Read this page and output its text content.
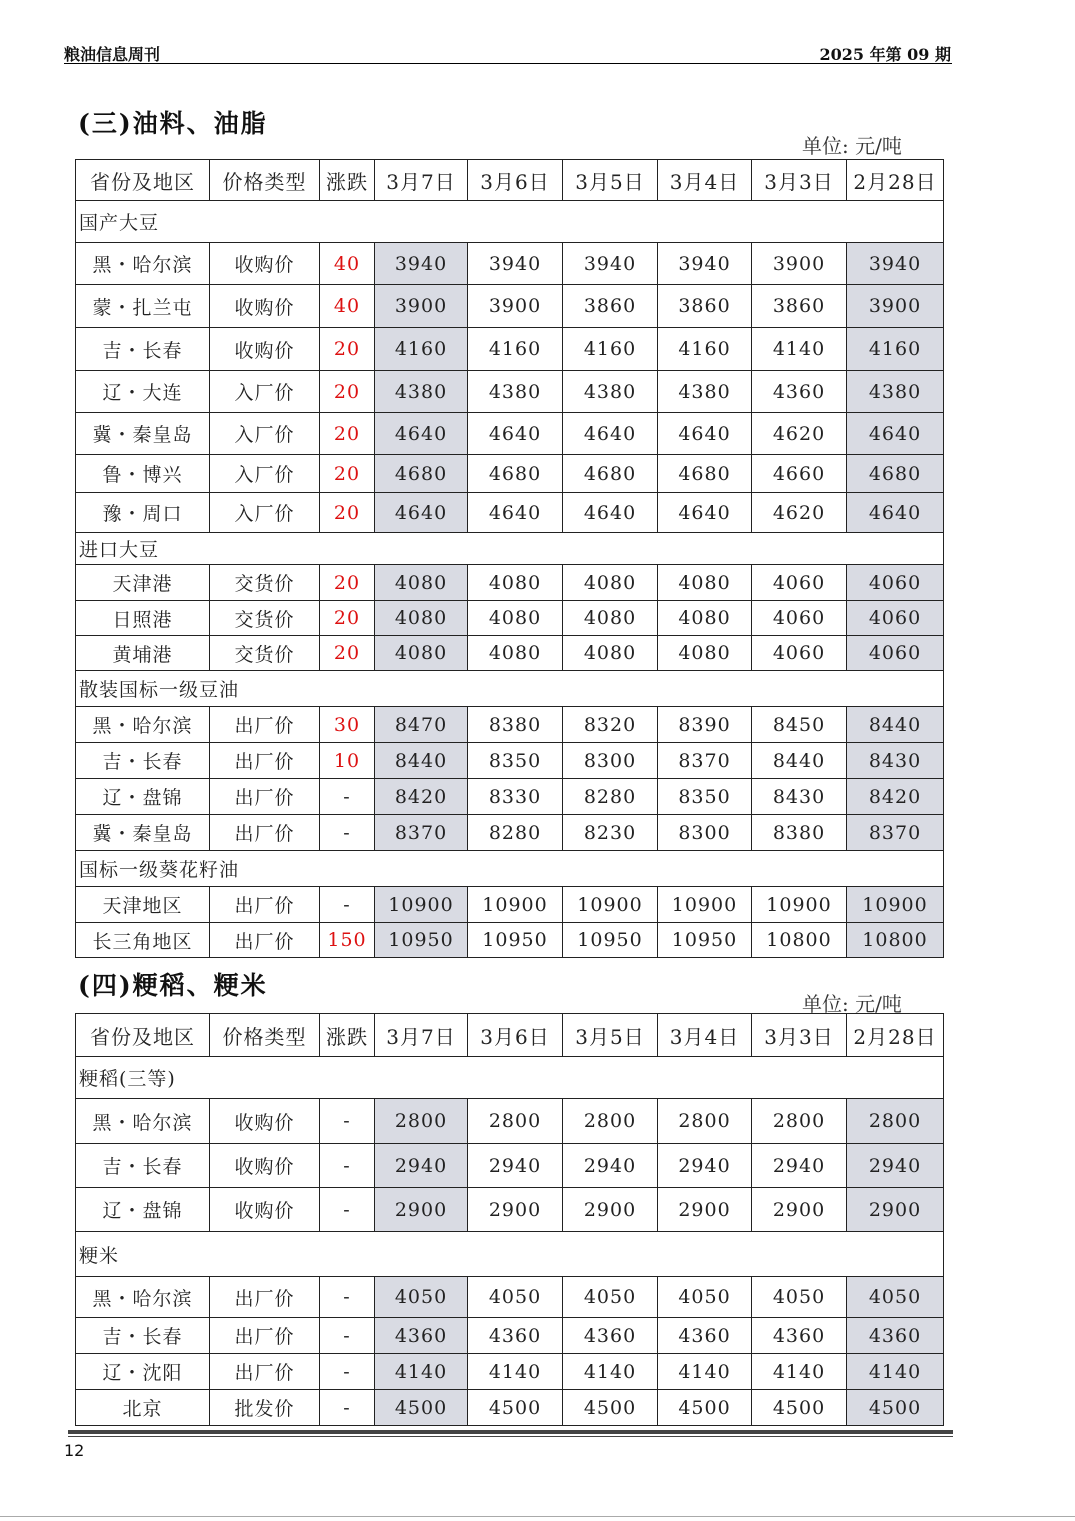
粮油信息周刊	2025 年第 09 期
(三)油料、油脂
单位: 元/吨
省份及地区	价格类型	涨跌	3月7日	3月6日	3月5日	3月4日	3月3日	2月28日
国产大豆								
黑・哈尔滨	收购价	40	3940	3940	3940	3940	3900	3940
蒙・扎兰屯	收购价	40	3900	3900	3860	3860	3860	3900
吉・长春	收购价	20	4160	4160	4160	4160	4140	4160
辽・大连	入厂价	20	4380	4380	4380	4380	4360	4380
冀・秦皇岛	入厂价	20	4640	4640	4640	4640	4620	4640
鲁・博兴	入厂价	20	4680	4680	4680	4680	4660	4680
豫・周口	入厂价	20	4640	4640	4640	4640	4620	4640
进口大豆								
天津港	交货价	20	4080	4080	4080	4080	4060	4060
日照港	交货价	20	4080	4080	4080	4080	4060	4060
黄埔港	交货价	20	4080	4080	4080	4080	4060	4060
散装国标一级豆油								
黑・哈尔滨	出厂价	30	8470	8380	8320	8390	8450	8440
吉・长春	出厂价	10	8440	8350	8300	8370	8440	8430
辽・盘锦	出厂价	-	8420	8330	8280	8350	8430	8420
冀・秦皇岛	出厂价	-	8370	8280	8230	8300	8380	8370
国标一级葵花籽油								
天津地区	出厂价	-	10900	10900	10900	10900	10900	10900
长三角地区	出厂价	150	10950	10950	10950	10950	10800	10800
(四)粳稻、粳米
单位: 元/吨
省份及地区	价格类型	涨跌	3月7日	3月6日	3月5日	3月4日	3月3日	2月28日
粳稻(三等)								
黑・哈尔滨	收购价	-	2800	2800	2800	2800	2800	2800
吉・长春	收购价	-	2940	2940	2940	2940	2940	2940
辽・盘锦	收购价	-	2900	2900	2900	2900	2900	2900
粳米								
黑・哈尔滨	出厂价	-	4050	4050	4050	4050	4050	4050
吉・长春	出厂价	-	4360	4360	4360	4360	4360	4360
辽・沈阳	出厂价	-	4140	4140	4140	4140	4140	4140
北京	批发价	-	4500	4500	4500	4500	4500	4500
12
